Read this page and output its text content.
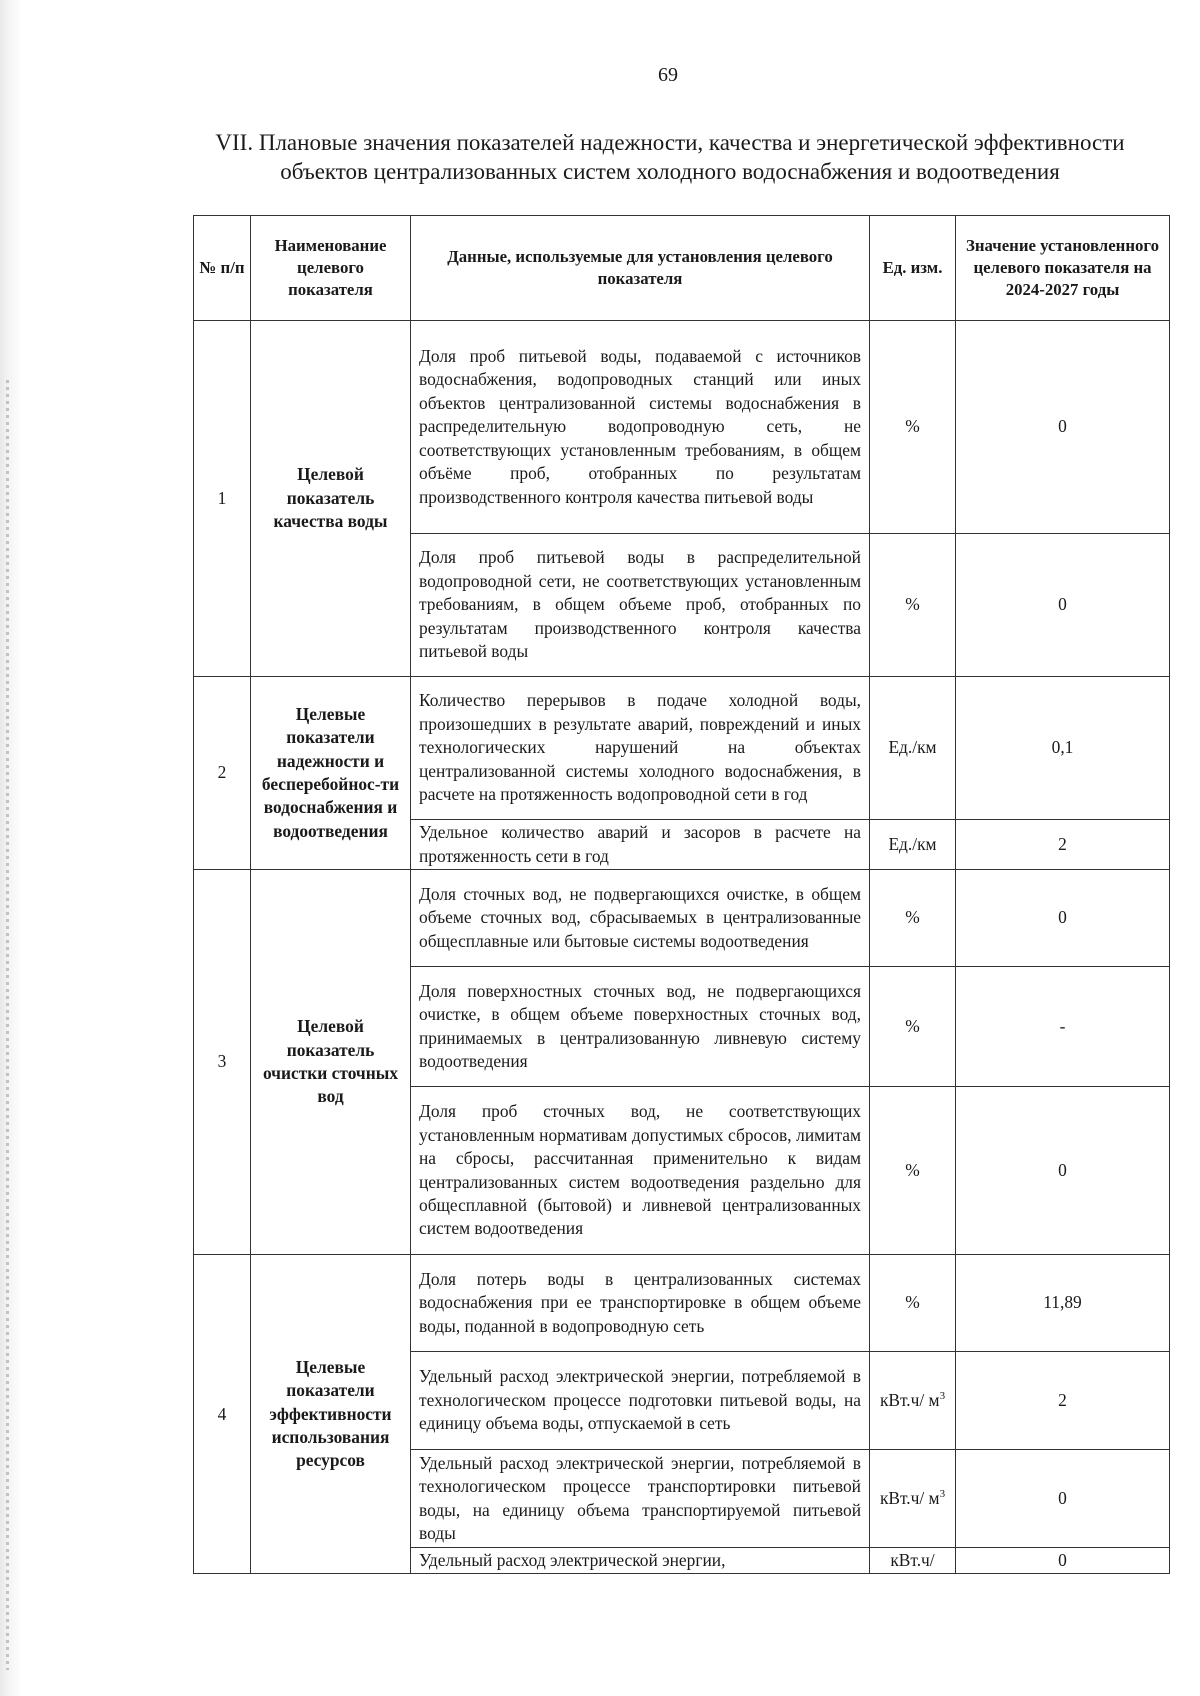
69
VII. Плановые значения показателей надежности, качества и энергетической эффективности объектов централизованных систем холодного водоснабжения и водоотведения
№ п/п	Наименование целевого показателя	Данные, используемые для установления целевого показателя	Ед. изм.	Значение установленного целевого показателя на 2024-2027 годы
1	Целевой показатель качества воды	Доля проб питьевой воды, подаваемой с источников водоснабжения, водопроводных станций или иных объектов централизованной системы водоснабжения в распределительную водопроводную сеть, не соответствующих установленным требованиям, в общем объёме проб, отобранных по результатам производственного контроля качества питьевой воды	%	0
		Доля проб питьевой воды в распределительной водопроводной сети, не соответствующих установленным требованиям, в общем объеме проб, отобранных по результатам производственного контроля качества питьевой воды	%	0
2	Целевые показатели надежности и бесперебойнос-ти водоснабжения и водоотведения	Количество перерывов в подаче холодной воды, произошедших в результате аварий, повреждений и иных технологических нарушений на объектах централизованной системы холодного водоснабжения, в расчете на протяженность водопроводной сети в год	Ед./км	0,1
		Удельное количество аварий и засоров в расчете на протяженность сети в год	Ед./км	2
3	Целевой показатель очистки сточных вод	Доля сточных вод, не подвергающихся очистке, в общем объеме сточных вод, сбрасываемых в централизованные общесплавные или бытовые системы водоотведения	%	0
		Доля поверхностных сточных вод, не подвергающихся очистке, в общем объеме поверхностных сточных вод, принимаемых в централизованную ливневую систему водоотведения	%	-
		Доля проб сточных вод, не соответствующих установленным нормативам допустимых сбросов, лимитам на сбросы, рассчитанная применительно к видам централизованных систем водоотведения раздельно для общесплавной (бытовой) и ливневой централизованных систем водоотведения	%	0
4	Целевые показатели эффективности использования ресурсов	Доля потерь воды в централизованных системах водоснабжения при ее транспортировке в общем объеме воды, поданной в водопроводную сеть	%	11,89
		Удельный расход электрической энергии, потребляемой в технологическом процессе подготовки питьевой воды, на единицу объема воды, отпускаемой в сеть	кВт.ч/ $м^3$	2
		Удельный расход электрической энергии, потребляемой в технологическом процессе транспортировки питьевой воды, на единицу объема транспортируемой питьевой воды	кВт.ч/ $м^3$	0
		Удельный расход электрической энергии,	кВт.ч/	0
